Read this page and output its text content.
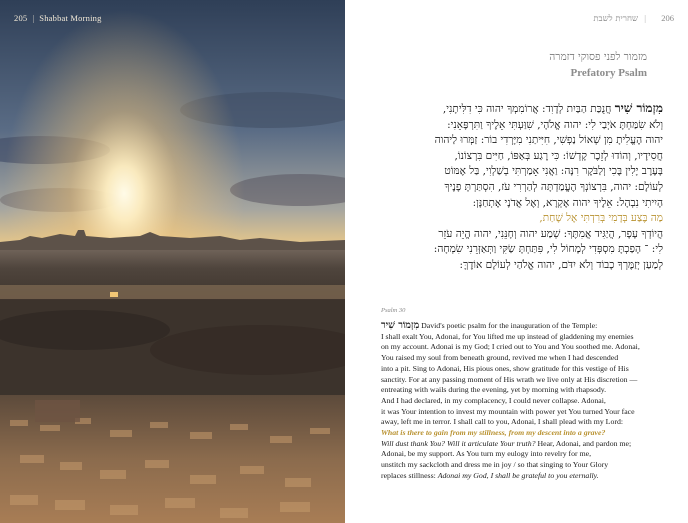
205 | Shabbat Morning	שחרית לשבת | 206
מזמור לפני פסוקי דזמרה
Prefatory Psalm
מִזְמוֹר שִׁיר חֲנֻכַּת הַבַּיִת לְדָוִד: אֲרוֹמִמְךָ יהוה כִּי דִלִּיתָנִי,
וְלֹא שִׂמַּחְתָּ אֹיְבַי לִי: יהוה אֱלֹהָי, שִׁוַּעְתִּי אֵלֶיךָ וַתִּרְפָּאֵנִי:
יהוה הֶעֱלִיתָ מִן שְׁאוֹל נַפְשִׁי, חִיִּיתַנִי מִיָּרְדִי בוֹר: זַמְּרוּ לַיהוה
חֲסִידָיו, וְהוֹדוּ לְזֵכֶר קָדְשׁוֹ: כִּי רֶגַע בְּאַפּוֹ, חַיִּים בִּרְצוֹנוֹ,
בָּעֶרֶב יָלִין בֶּכִי וְלַבֹּקֶר רִנָּה: וַאֲנִי אָמַרְתִּי בְשַׁלְוִי, בַּל אֶמּוֹט
לְעוֹלָם: יהוה, בִּרְצוֹנְךָ הֶעֱמַדְתָּה לְהַרְרִי עֹז, הִסְתַּרְתָּ פָנֶיךָ
הָיִיתִי נִבְהָל: אֵלֶיךָ יהוה אֶקְרָא, וְאֶל אֲדֹנָי אֶתְחַנָּן:
מַה בֶּצַע בְּדָמִי בְּרִדְתִּי אֶל שָׁחַת,
הֲיוֹדְךָ עָפָר, הֲיַגִּיד אֲמִתֶּךָ: שְׁמַע יהוה וְחָנֵּנִי, יהוה הֱיֵה עֹזֵר
לִי: ־ הָפַכְתָּ מִסְפְּדִי לְמָחוֹל לִי, פִּתַּחְתָּ שַׂקִּי וַתְּאַזְּרֵנִי שִׂמְחָה:
לְמַעַן יְזַמֶּרְךָ כָבוֹד וְלֹא יִדֹּם, יהוה אֱלֹהַי לְעוֹלָם אוֹדֶךָּ:
Psalm 30
מִזְמוֹר שִׁיר David's poetic psalm for the inauguration of the Temple:
I shall exalt You, Adonai, for You lifted me up instead of gladdening my enemies
on my account. Adonai is my God; I cried out to You and You soothed me. Adonai,
You raised my soul from beneath ground, revived me when I had descended
into a pit. Sing to Adonai, His pious ones, show gratitude for this vestige of His
sanctity. For at any passing moment of His wrath we live only at His discretion —
entreating with wails during the evening, yet by morning with rhapsody.
And I had declared, in my complacency, I could never collapse. Adonai,
it was Your intention to invest my mountain with power yet You turned Your face
away, left me in terror. I shall call to you, Adonai, I shall plead with my Lord:
What is there to gain from my stillness, from my descent into a grave?
Will dust thank You? Will it articulate Your truth? Hear, Adonai, and pardon me;
Adonai, be my support. As You turn my eulogy into revelry for me,
unstitch my sackcloth and dress me in joy / so that singing to Your Glory
replaces stillness: Adonai my God, I shall be grateful to you eternally.
